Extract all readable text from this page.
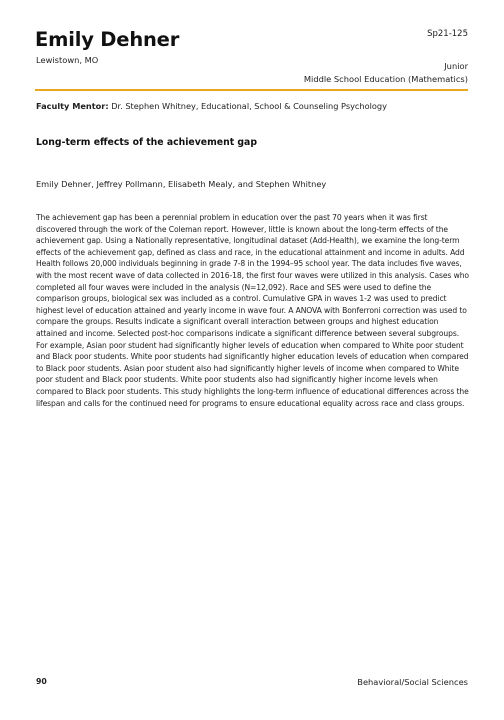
Emily Dehner	Sp21-125
Lewistown, MO
Junior
Middle School Education (Mathematics)
Faculty Mentor: Dr. Stephen Whitney, Educational, School & Counseling Psychology
Long-term effects of the achievement gap
Emily Dehner, Jeffrey Pollmann, Elisabeth Mealy, and Stephen Whitney

The achievement gap has been a perennial problem in education over the past 70 years when it was first discovered through the work of the Coleman report. However, little is known about the long-term effects of the achievement gap. Using a Nationally representative, longitudinal dataset (Add-Health), we examine the long-term effects of the achievement gap, defined as class and race, in the educational attainment and income in adults. Add Health follows 20,000 individuals beginning in grade 7-8 in the 1994–95 school year. The data includes five waves, with the most recent wave of data collected in 2016-18, the first four waves were utilized in this analysis. Cases who completed all four waves were included in the analysis (N=12,092). Race and SES were used to define the comparison groups, biological sex was included as a control. Cumulative GPA in waves 1-2 was used to predict highest level of education attained and yearly income in wave four. A ANOVA with Bonferroni correction was used to compare the groups. Results indicate a significant overall interaction between groups and highest education attained and income. Selected post-hoc comparisons indicate a significant difference between several subgroups. For example, Asian poor student had significantly higher levels of education when compared to White poor student and Black poor students. White poor students had significantly higher education levels of education when compared to Black poor students. Asian poor student also had significantly higher levels of income when compared to White poor student and Black poor students. White poor students also had significantly higher income levels when compared to Black poor students. This study highlights the long-term influence of educational differences across the lifespan and calls for the continued need for programs to ensure educational equality across race and class groups.

90	Behavioral/Social Sciences
